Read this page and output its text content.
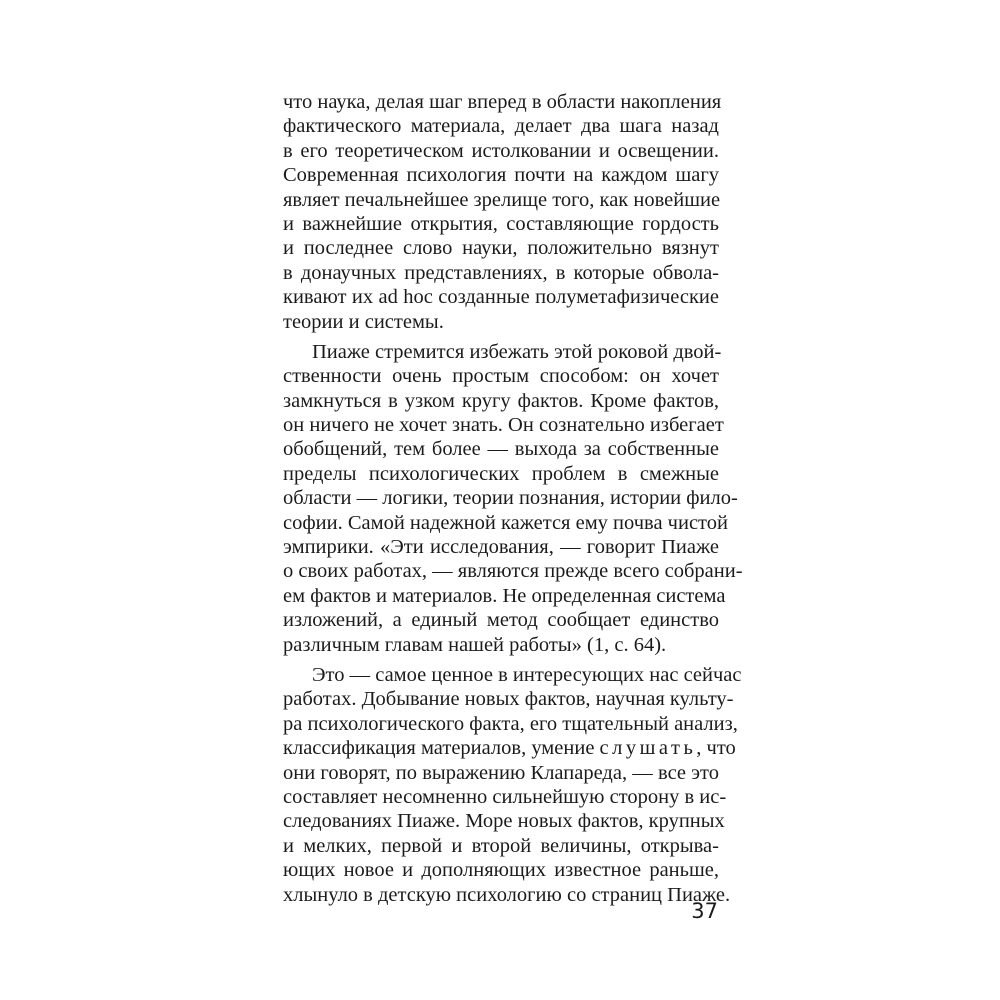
что наука, делая шаг вперед в области накопления
фактического материала, делает два шага назад
в его теоретическом истолковании и освещении.
Современная психология почти на каждом шагу
являет печальнейшее зрелище того, как новейшие
и важнейшие открытия, составляющие гордость
и последнее слово науки, положительно вязнут
в донаучных представлениях, в которые обвола-
кивают их ad hoc созданные полуметафизические
теории и системы.
Пиаже стремится избежать этой роковой двой-
ственности очень простым способом: он хочет
замкнуться в узком кругу фактов. Кроме фактов,
он ничего не хочет знать. Он сознательно избегает
обобщений, тем более — выхода за собственные
пределы психологических проблем в смежные
области — логики, теории познания, истории фило-
софии. Самой надежной кажется ему почва чистой
эмпирики. «Эти исследования, — говорит Пиаже
о своих работах, — являются прежде всего собрани-
ем фактов и материалов. Не определенная система
изложений, а единый метод сообщает единство
различным главам нашей работы» (1, с. 64).
Это — самое ценное в интересующих нас сейчас
работах. Добывание новых фактов, научная культу-
ра психологического факта, его тщательный анализ,
классификация материалов, умение слушать, что
они говорят, по выражению Клапареда, — все это
составляет несомненно сильнейшую сторону в ис-
следованиях Пиаже. Море новых фактов, крупных
и мелких, первой и второй величины, открыва-
ющих новое и дополняющих известное раньше,
хлынуло в детскую психологию со страниц Пиаже.
37
